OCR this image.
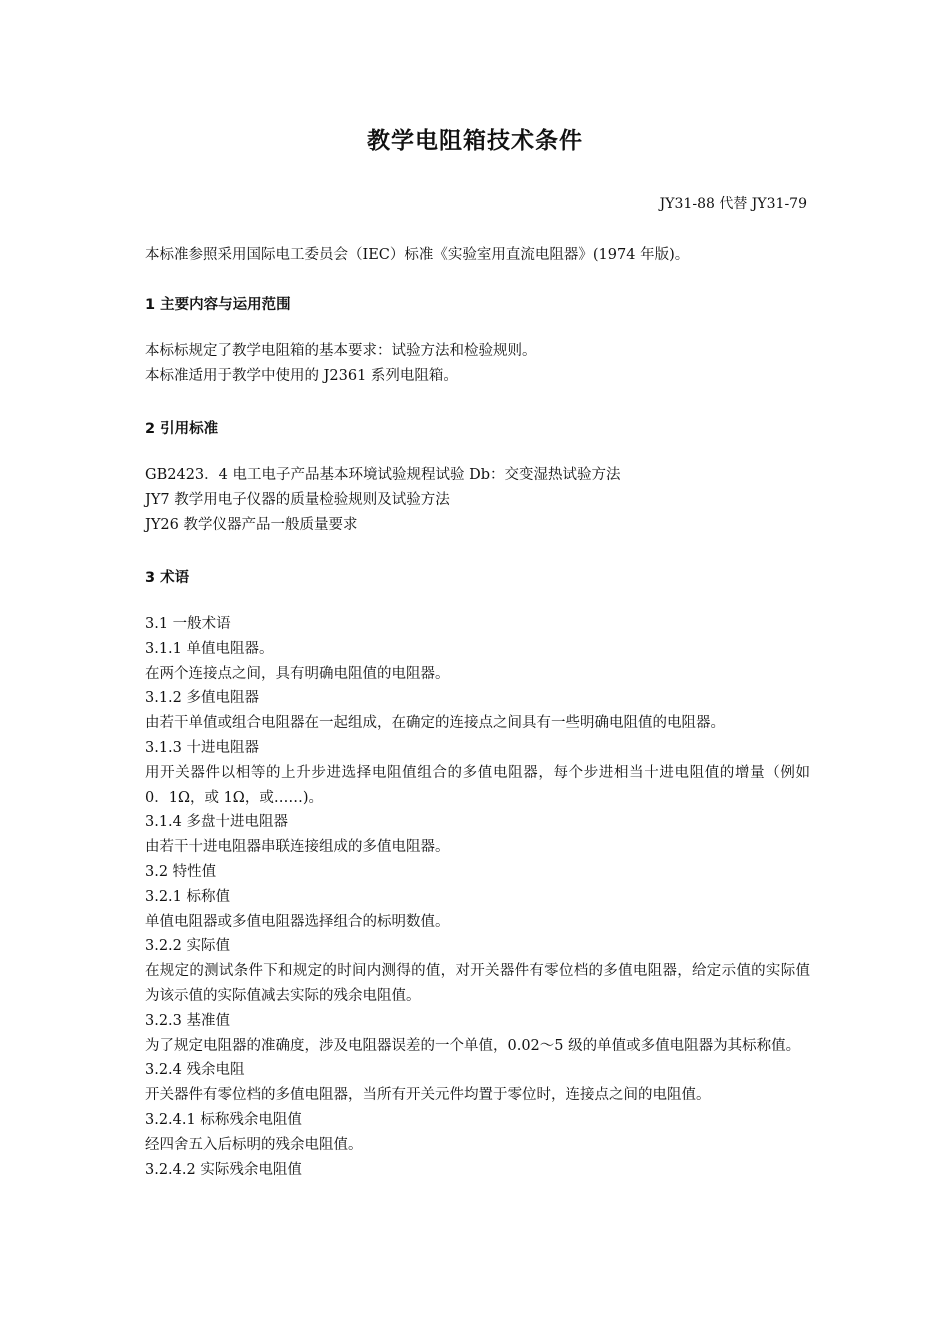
教学电阻箱技术条件
JY31-88 代替 JY31-79
本标准参照采用国际电工委员会（IEC）标准《实验室用直流电阻器》(1974 年版)。
1 主要内容与运用范围
本标标规定了教学电阻箱的基本要求：试验方法和检验规则。
本标准适用于教学中使用的 J2361 系列电阻箱。
2 引用标准
GB2423．4 电工电子产品基本环境试验规程试验 Db：交变湿热试验方法
JY7 教学用电子仪器的质量检验规则及试验方法
JY26 教学仪器产品一般质量要求
3 术语
3.1 一般术语
3.1.1 单值电阻器。
在两个连接点之间，具有明确电阻值的电阻器。
3.1.2 多值电阻器
由若干单值或组合电阻器在一起组成，在确定的连接点之间具有一些明确电阻值的电阻器。
3.1.3 十进电阻器
用开关器件以相等的上升步进选择电阻值组合的多值电阻器，每个步进相当十进电阻值的增量（例如 0．1Ω，或 1Ω，或……)。
3.1.4 多盘十进电阻器
由若干十进电阻器串联连接组成的多值电阻器。
3.2 特性值
3.2.1 标称值
单值电阻器或多值电阻器选择组合的标明数值。
3.2.2 实际值
在规定的测试条件下和规定的时间内测得的值，对开关器件有零位档的多值电阻器，给定示值的实际值为该示值的实际值减去实际的残余电阻值。
3.2.3 基准值
为了规定电阻器的准确度，涉及电阻器误差的一个单值，0.02～5 级的单值或多值电阻器为其标称值。
3.2.4 残余电阻
开关器件有零位档的多值电阻器，当所有开关元件均置于零位时，连接点之间的电阻值。
3.2.4.1 标称残余电阻值
经四舍五入后标明的残余电阻值。
3.2.4.2 实际残余电阻值
